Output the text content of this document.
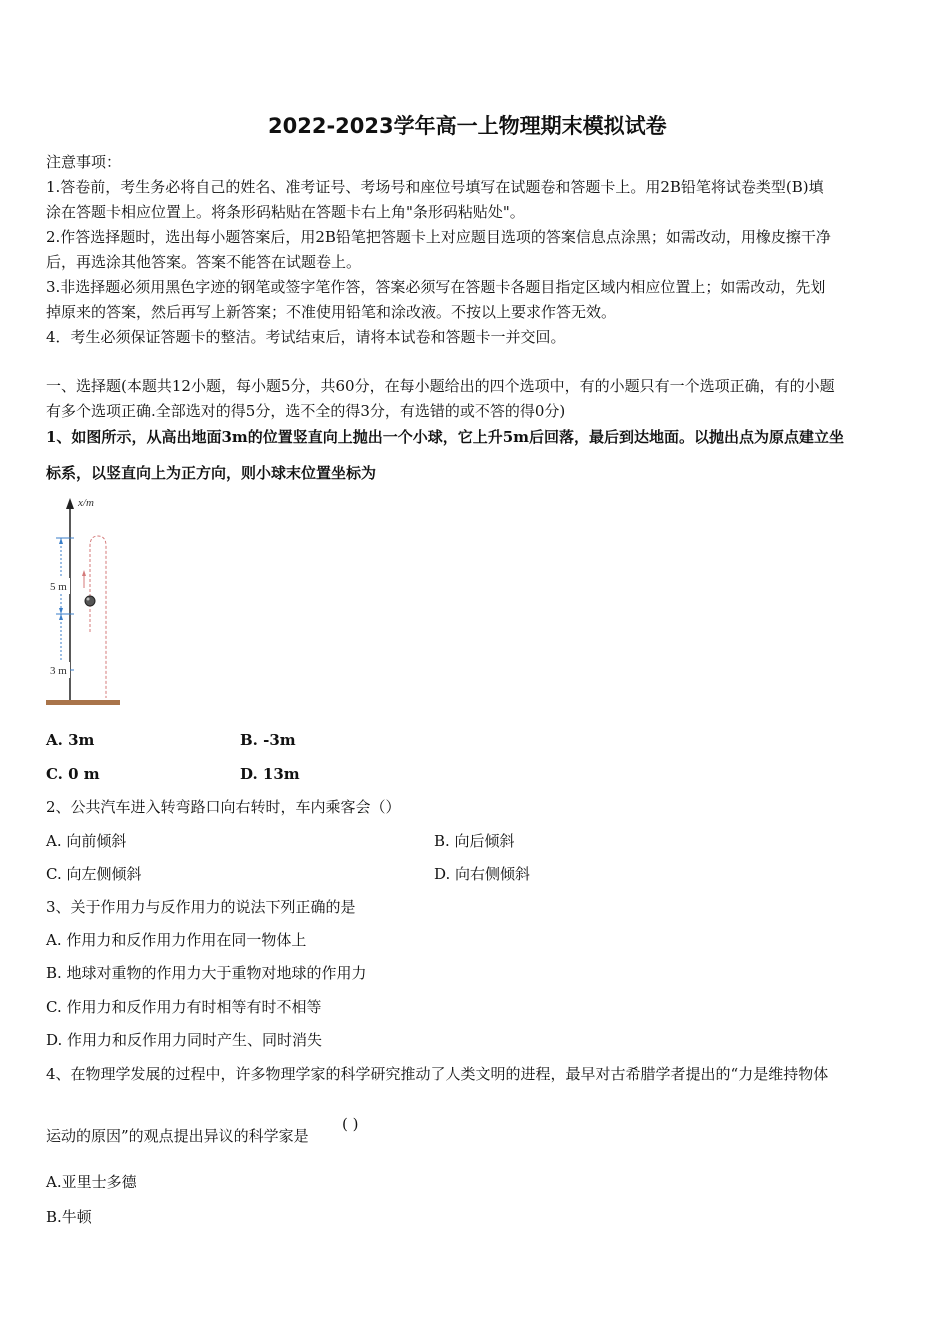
2022-2023学年高一上物理期末模拟试卷
注意事项：
1.答卷前，考生务必将自己的姓名、准考证号、考场号和座位号填写在试题卷和答题卡上。用2B铅笔将试卷类型(B)填
涂在答题卡相应位置上。将条形码粘贴在答题卡右上角"条形码粘贴处"。
2.作答选择题时，选出每小题答案后，用2B铅笔把答题卡上对应题目选项的答案信息点涂黑；如需改动，用橡皮擦干净
后，再选涂其他答案。答案不能答在试题卷上。
3.非选择题必须用黑色字迹的钢笔或签字笔作答，答案必须写在答题卡各题目指定区域内相应位置上；如需改动，先划
掉原来的答案，然后再写上新答案；不准使用铅笔和涂改液。不按以上要求作答无效。
4．考生必须保证答题卡的整洁。考试结束后，请将本试卷和答题卡一并交回。
一、选择题(本题共12小题，每小题5分，共60分，在每小题给出的四个选项中，有的小题只有一个选项正确，有的小题
有多个选项正确.全部选对的得5分，选不全的得3分，有选错的或不答的得0分)
1、如图所示，从高出地面3m的位置竖直向上抛出一个小球，它上升5m后回落，最后到达地面。以抛出点为原点建立坐
标系，以竖直向上为正方向，则小球末位置坐标为
x/m
5 m
3 m
A. 3m	B. -3m
C. 0 m	D. 13m
2、公共汽车进入转弯路口向右转时，车内乘客会（）
A. 向前倾斜	B. 向后倾斜
C. 向左侧倾斜	D. 向右侧倾斜
3、关于作用力与反作用力的说法下列正确的是
A. 作用力和反作用力作用在同一物体上
B. 地球对重物的作用力大于重物对地球的作用力
C. 作用力和反作用力有时相等有时不相等
D. 作用力和反作用力同时产生、同时消失
4、在物理学发展的过程中，许多物理学家的科学研究推动了人类文明的进程，最早对古希腊学者提出的“力是维持物体
运动的原因”的观点提出异议的科学家是
( )
A.亚里士多德
B.牛顿
